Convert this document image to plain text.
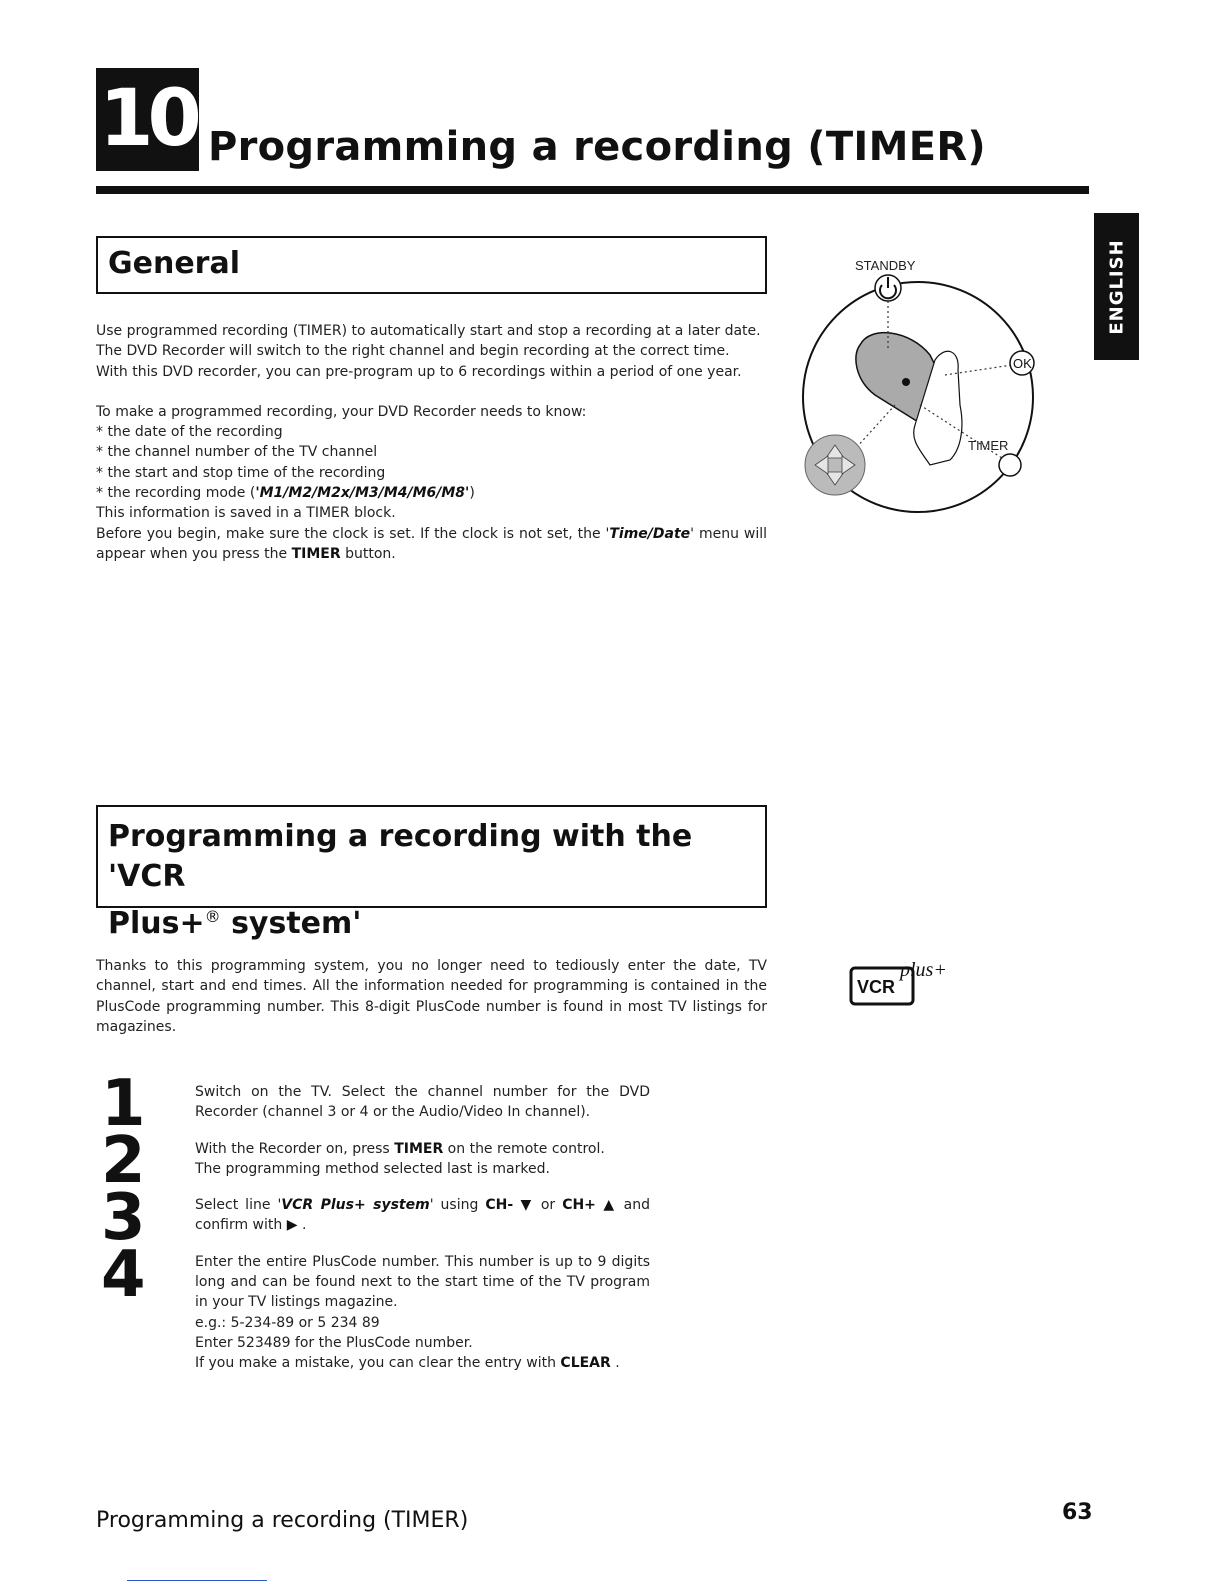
10 Programming a recording (TIMER)
ENGLISH
General

Use programmed recording (TIMER) to automatically start and stop a recording at a later date.

The DVD Recorder will switch to the right channel and begin recording at the correct time.

With this DVD recorder, you can pre-program up to 6 recordings within a period of one year.

To make a programmed recording, your DVD Recorder needs to know:

* the date of the recording

* the channel number of the TV channel

* the start and stop time of the recording

* the recording mode ('M1/M2/M2x/M3/M4/M6/M8')

This information is saved in a TIMER block.

Before you begin, make sure the clock is set. If the clock is not set, the 'Time/Date' menu will appear when you press the TIMER button.

STANDBY
OK
TIMER
Programming a recording with the 'VCR
Plus+® system'

Thanks to this programming system, you no longer need to tediously enter the date, TV channel, start and end times. All the information needed for programming is contained in the PlusCode programming number. This 8-digit PlusCode number is found in most TV listings for magazines.

VCR
plus+
1
2
3
4

Switch on the TV. Select the channel number for the DVD Recorder (channel 3 or 4 or the Audio/Video In channel).

With the Recorder on, press TIMER on the remote control.

The programming method selected last is marked.

Select line 'VCR Plus+ system' using CH- ▼ or CH+ ▲ and confirm with ▶ .

Enter the entire PlusCode number. This number is up to 9 digits long and can be found next to the start time of the TV program in your TV listings magazine.

e.g.: 5-234-89 or 5 234 89

Enter 523489 for the PlusCode number.

If you make a mistake, you can clear the entry with CLEAR .

Programming a recording (TIMER)	63
